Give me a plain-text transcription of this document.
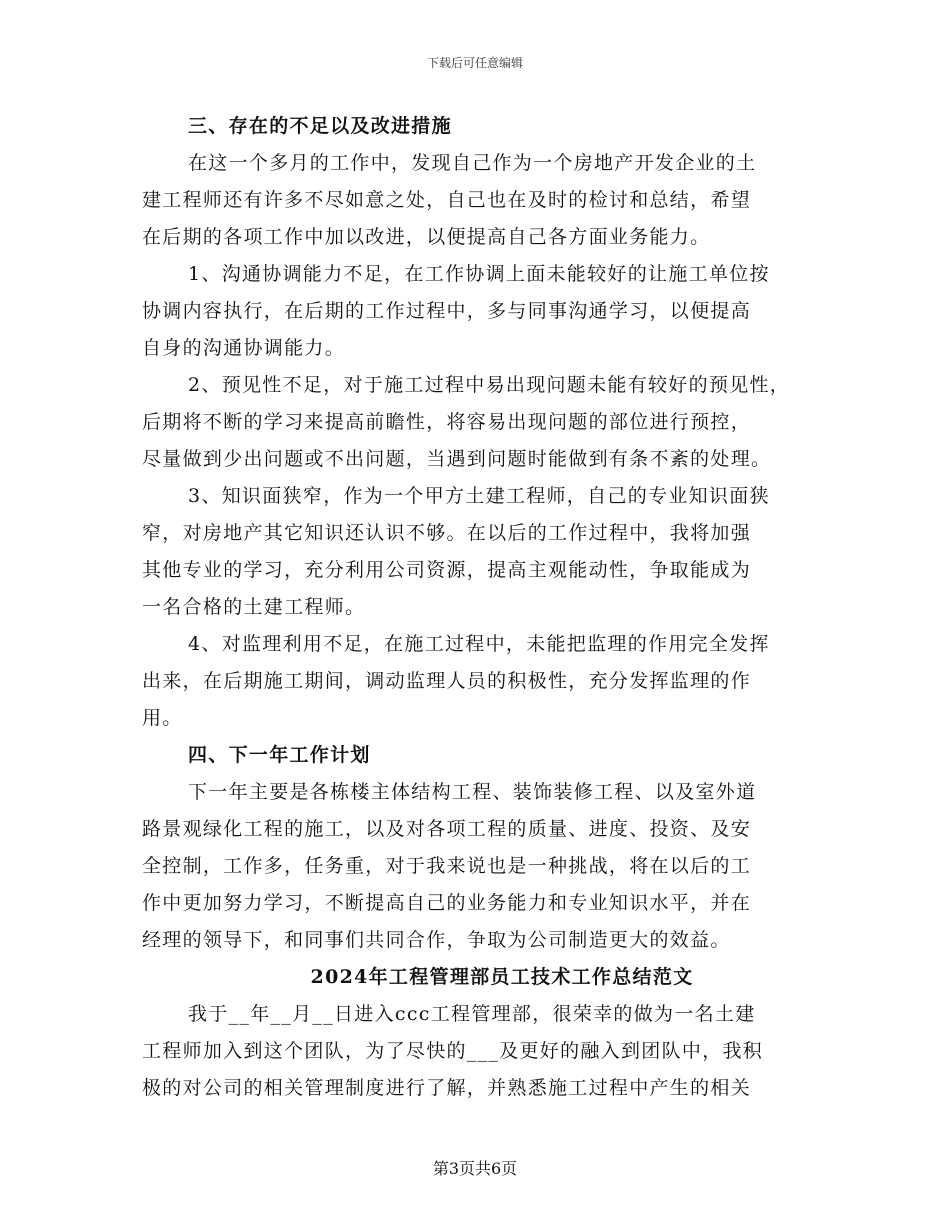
下载后可任意编辑
三、存在的不足以及改进措施
在这一个多月的工作中，发现自己作为一个房地产开发企业的土
建工程师还有许多不尽如意之处，自己也在及时的检讨和总结，希望
在后期的各项工作中加以改进，以便提高自己各方面业务能力。
1、沟通协调能力不足，在工作协调上面未能较好的让施工单位按
协调内容执行，在后期的工作过程中，多与同事沟通学习，以便提高
自身的沟通协调能力。
2、预见性不足，对于施工过程中易出现问题未能有较好的预见性，
后期将不断的学习来提高前瞻性，将容易出现问题的部位进行预控，
尽量做到少出问题或不出问题，当遇到问题时能做到有条不紊的处理。
3、知识面狭窄，作为一个甲方土建工程师，自己的专业知识面狭
窄，对房地产其它知识还认识不够。在以后的工作过程中，我将加强
其他专业的学习，充分利用公司资源，提高主观能动性，争取能成为
一名合格的土建工程师。
4、对监理利用不足，在施工过程中，未能把监理的作用完全发挥
出来，在后期施工期间，调动监理人员的积极性，充分发挥监理的作
用。
四、下一年工作计划
下一年主要是各栋楼主体结构工程、装饰装修工程、以及室外道
路景观绿化工程的施工，以及对各项工程的质量、进度、投资、及安
全控制，工作多，任务重，对于我来说也是一种挑战，将在以后的工
作中更加努力学习，不断提高自己的业务能力和专业知识水平，并在
经理的领导下，和同事们共同合作，争取为公司制造更大的效益。
2024年工程管理部员工技术工作总结范文
我于__年__月__日进入ccc工程管理部，很荣幸的做为一名土建
工程师加入到这个团队，为了尽快的___及更好的融入到团队中，我积
极的对公司的相关管理制度进行了解，并熟悉施工过程中产生的相关
第3页共6页
